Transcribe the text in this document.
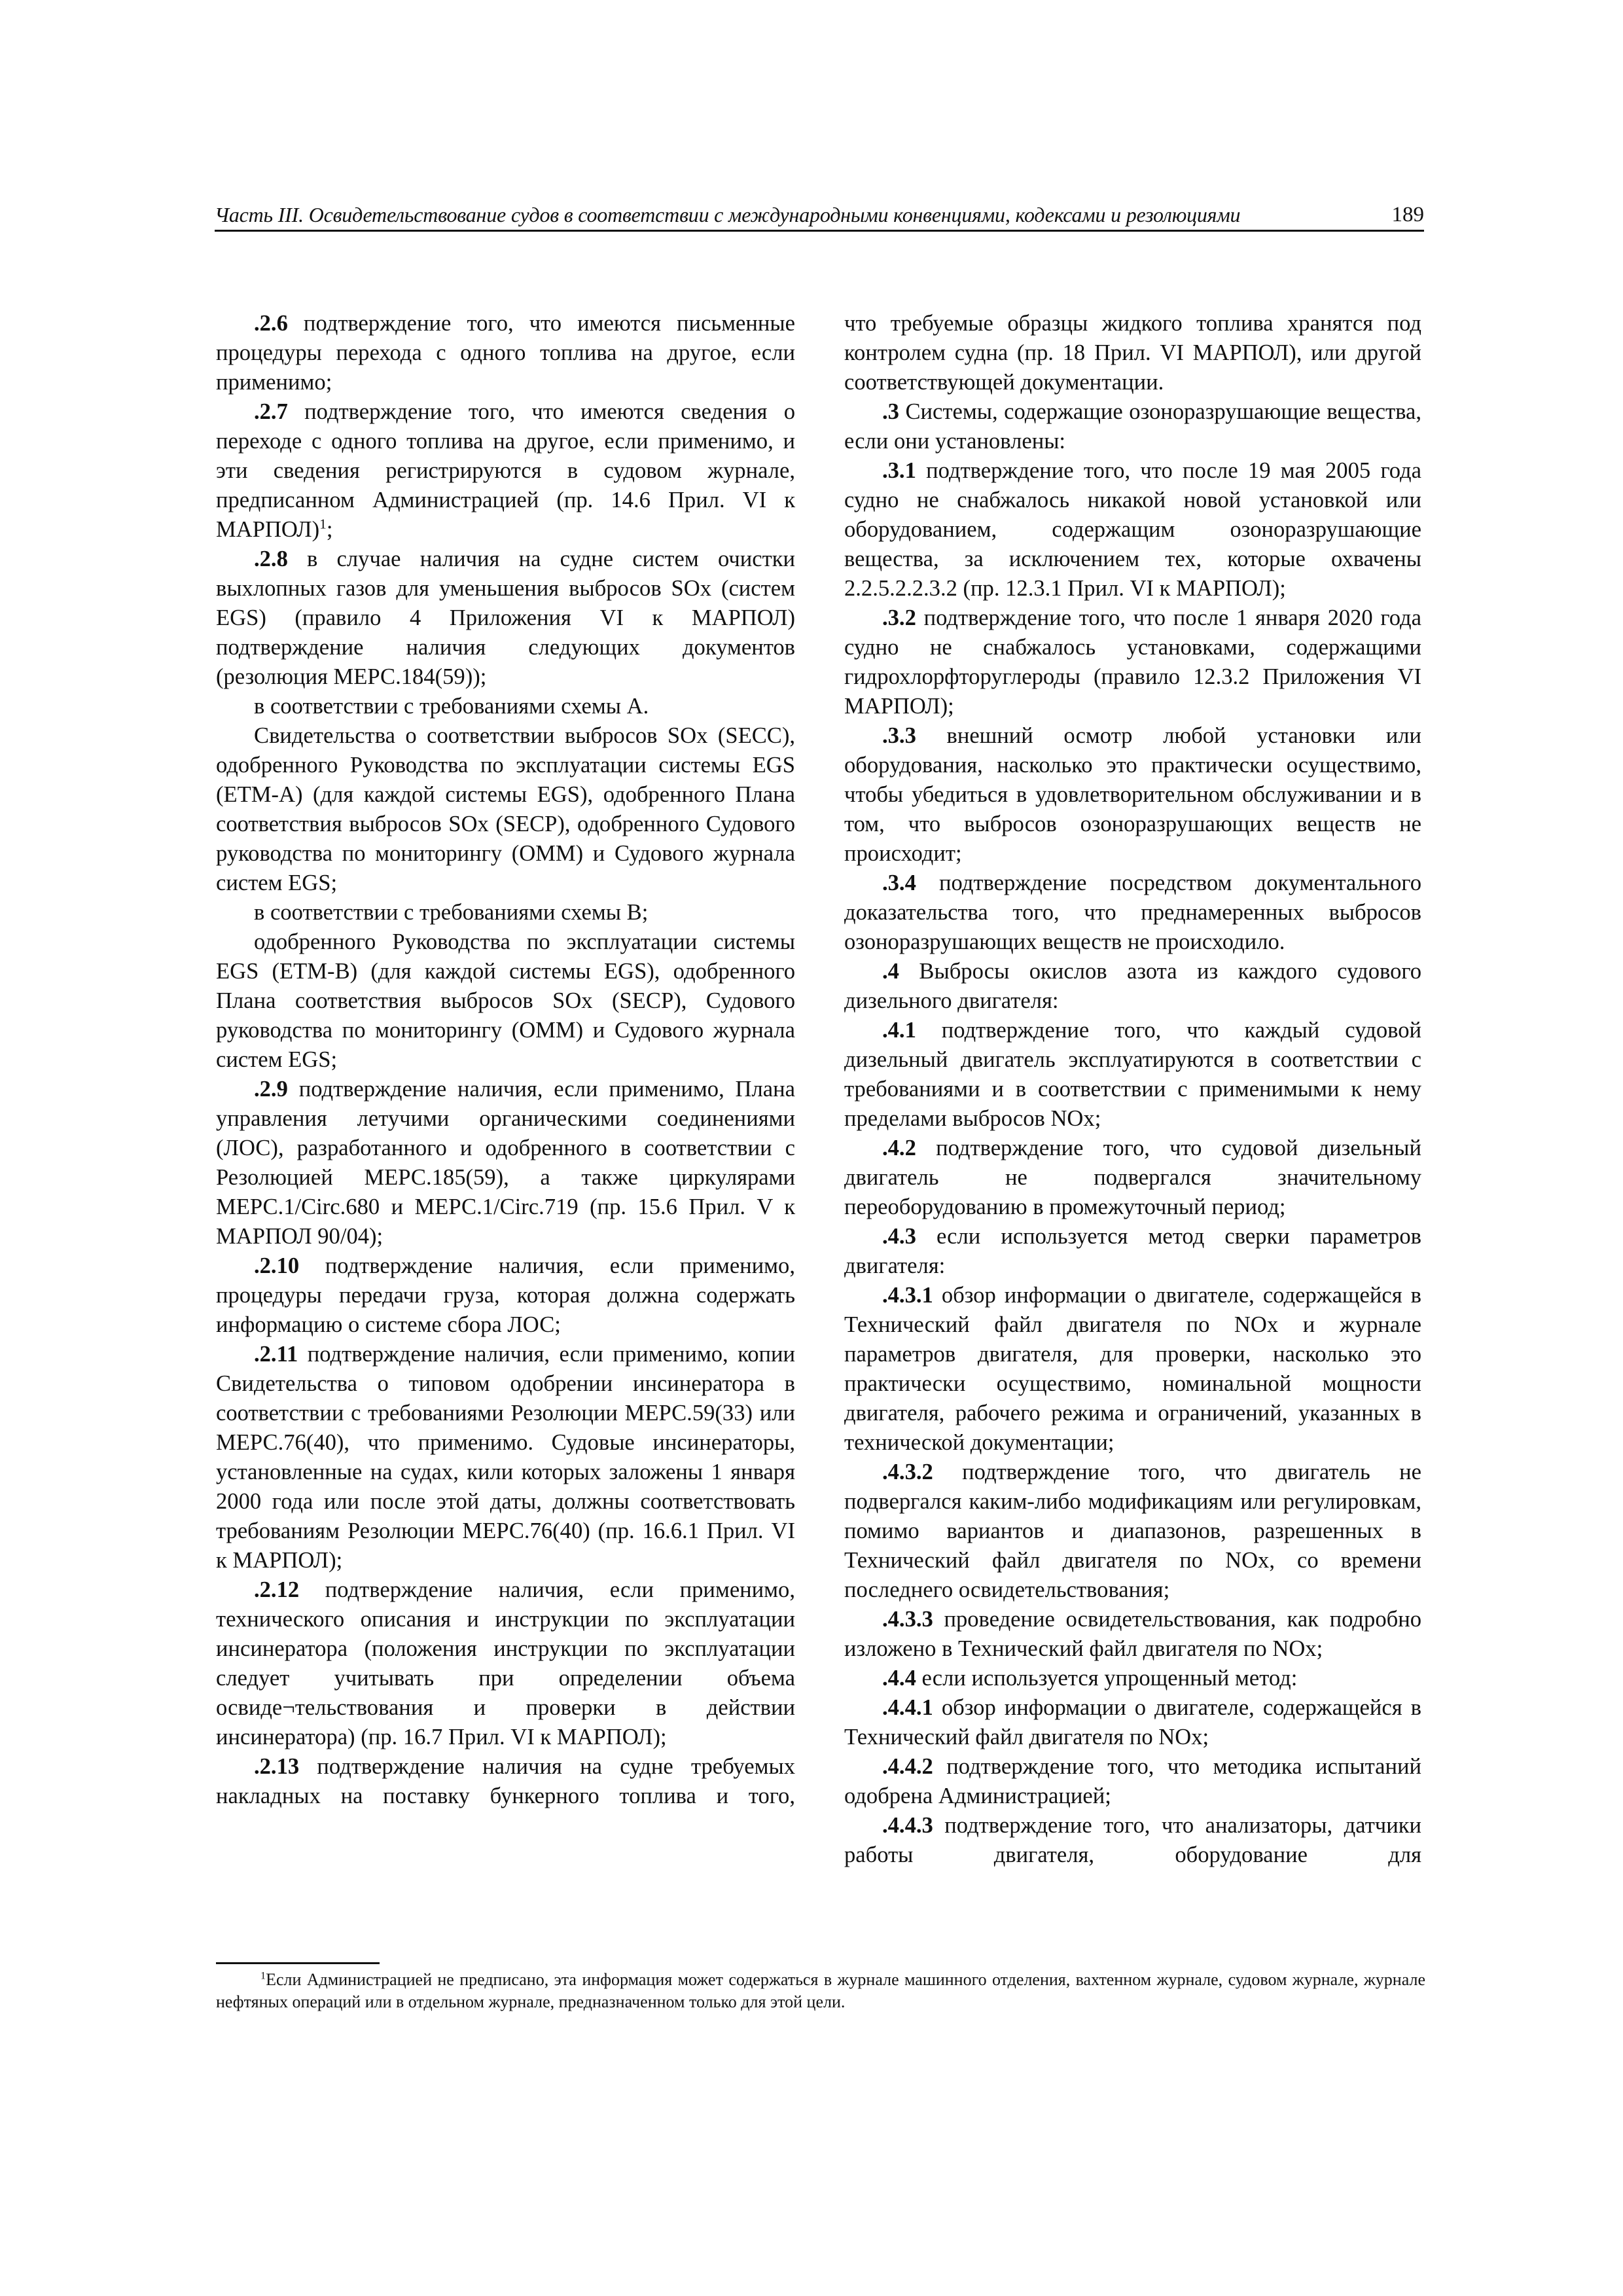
Часть III. Освидетельствование судов в соответствии с международными конвенциями, кодексами и резолюциями	189

.2.6 подтверждение того, что имеются письменные процедуры перехода с одного топлива на другое, если применимо;

.2.7 подтверждение того, что имеются сведения о переходе с одного топлива на другое, если применимо, и эти сведения регистрируются в судовом журнале, предписанном Администрацией (пр. 14.6 Прил. VI к МАРПОЛ)$^1$;

.2.8 в случае наличия на судне систем очистки выхлопных газов для уменьшения выбросов SOx (систем EGS) (правило 4 Приложения VI к МАРПОЛ) подтверждение наличия следующих документов (резолюция МЕРС.184(59));

в соответствии с требованиями схемы А.

Свидетельства о соответствии выбросов SOx (SECC), одобренного Руководства по эксплуатации системы EGS (ETM-A) (для каждой системы EGS), одобренного Плана соответствия выбросов SOx (SECP), одобренного Судового руководства по мониторингу (OMM) и Судового журнала систем EGS;

в соответствии с требованиями схемы В;

одобренного Руководства по эксплуатации системы EGS (ETM-B) (для каждой системы EGS), одобренного Плана соответствия выбросов SOx (SECP), Судового руководства по мониторингу (OMM) и Судового журнала систем EGS;

.2.9 подтверждение наличия, если применимо, Плана управления летучими органическими соединениями (ЛОС), разработанного и одобренного в соответствии с Резолюцией МЕРС.185(59), а также циркулярами МЕРС.1/Circ.680 и МЕРС.1/Circ.719 (пр. 15.6 Прил. V к МАРПОЛ 90/04);

.2.10 подтверждение наличия, если применимо, процедуры передачи груза, которая должна содержать информацию о системе сбора ЛОС;

.2.11 подтверждение наличия, если применимо, копии Свидетельства о типовом одобрении инсинератора в соответствии с требованиями Резолюции МЕРС.59(33) или МЕРС.76(40), что применимо. Судовые инсинераторы, установленные на судах, кили которых заложены 1 января 2000 года или после этой даты, должны соответствовать требованиям Резолюции МЕРС.76(40) (пр. 16.6.1 Прил. VI к МАРПОЛ);

.2.12 подтверждение наличия, если применимо, технического описания и инструкции по эксплуатации инсинератора (положения инструкции по эксплуатации следует учитывать при определении объема освиде¬тельствования и проверки в действии инсинератора) (пр. 16.7 Прил. VI к МАРПОЛ);

.2.13 подтверждение наличия на судне требуемых накладных на поставку бункерного топлива и того,

что требуемые образцы жидкого топлива хранятся под контролем судна (пр. 18 Прил. VI МАРПОЛ), или другой соответствующей документации.

.3 Системы, содержащие озоноразрушающие вещества, если они установлены:

.3.1 подтверждение того, что после 19 мая 2005 года судно не снабжалось никакой новой установкой или оборудованием, содержащим озоноразрушающие вещества, за исключением тех, которые охвачены 2.2.5.2.2.3.2 (пр. 12.3.1 Прил. VI к МАРПОЛ);

.3.2 подтверждение того, что после 1 января 2020 года судно не снабжалось установками, содержащими гидрохлорфторуглероды (правило 12.3.2 Приложения VI МАРПОЛ);

.3.3 внешний осмотр любой установки или оборудования, насколько это практически осуществимо, чтобы убедиться в удовлетворительном обслуживании и в том, что выбросов озоноразрушающих веществ не происходит;

.3.4 подтверждение посредством документального доказательства того, что преднамеренных выбросов озоноразрушающих веществ не происходило.

.4 Выбросы окислов азота из каждого судового дизельного двигателя:

.4.1 подтверждение того, что каждый судовой дизельный двигатель эксплуатируются в соответствии с требованиями и в соответствии с применимыми к нему пределами выбросов NOx;

.4.2 подтверждение того, что судовой дизельный двигатель не подвергался значительному переоборудованию в промежуточный период;

.4.3 если используется метод сверки параметров двигателя:

.4.3.1 обзор информации о двигателе, содержащейся в Технический файл двигателя по NOx и журнале параметров двигателя, для проверки, насколько это практически осуществимо, номинальной мощности двигателя, рабочего режима и ограничений, указанных в технической документации;

.4.3.2 подтверждение того, что двигатель не подвергался каким-либо модификациям или регулировкам, помимо вариантов и диапазонов, разрешенных в Технический файл двигателя по NOx, со времени последнего освидетельствования;

.4.3.3 проведение освидетельствования, как подробно изложено в Технический файл двигателя по NOx;

.4.4 если используется упрощенный метод:

.4.4.1 обзор информации о двигателе, содержащейся в Технический файл двигателя по NOx;

.4.4.2 подтверждение того, что методика испытаний одобрена Администрацией;

.4.4.3 подтверждение того, что анализаторы, датчики работы двигателя, оборудование для

$^1$Если Администрацией не предписано, эта информация может содержаться в журнале машинного отделения, вахтенном журнале, судовом журнале, журнале нефтяных операций или в отдельном журнале, предназначенном только для этой цели.
